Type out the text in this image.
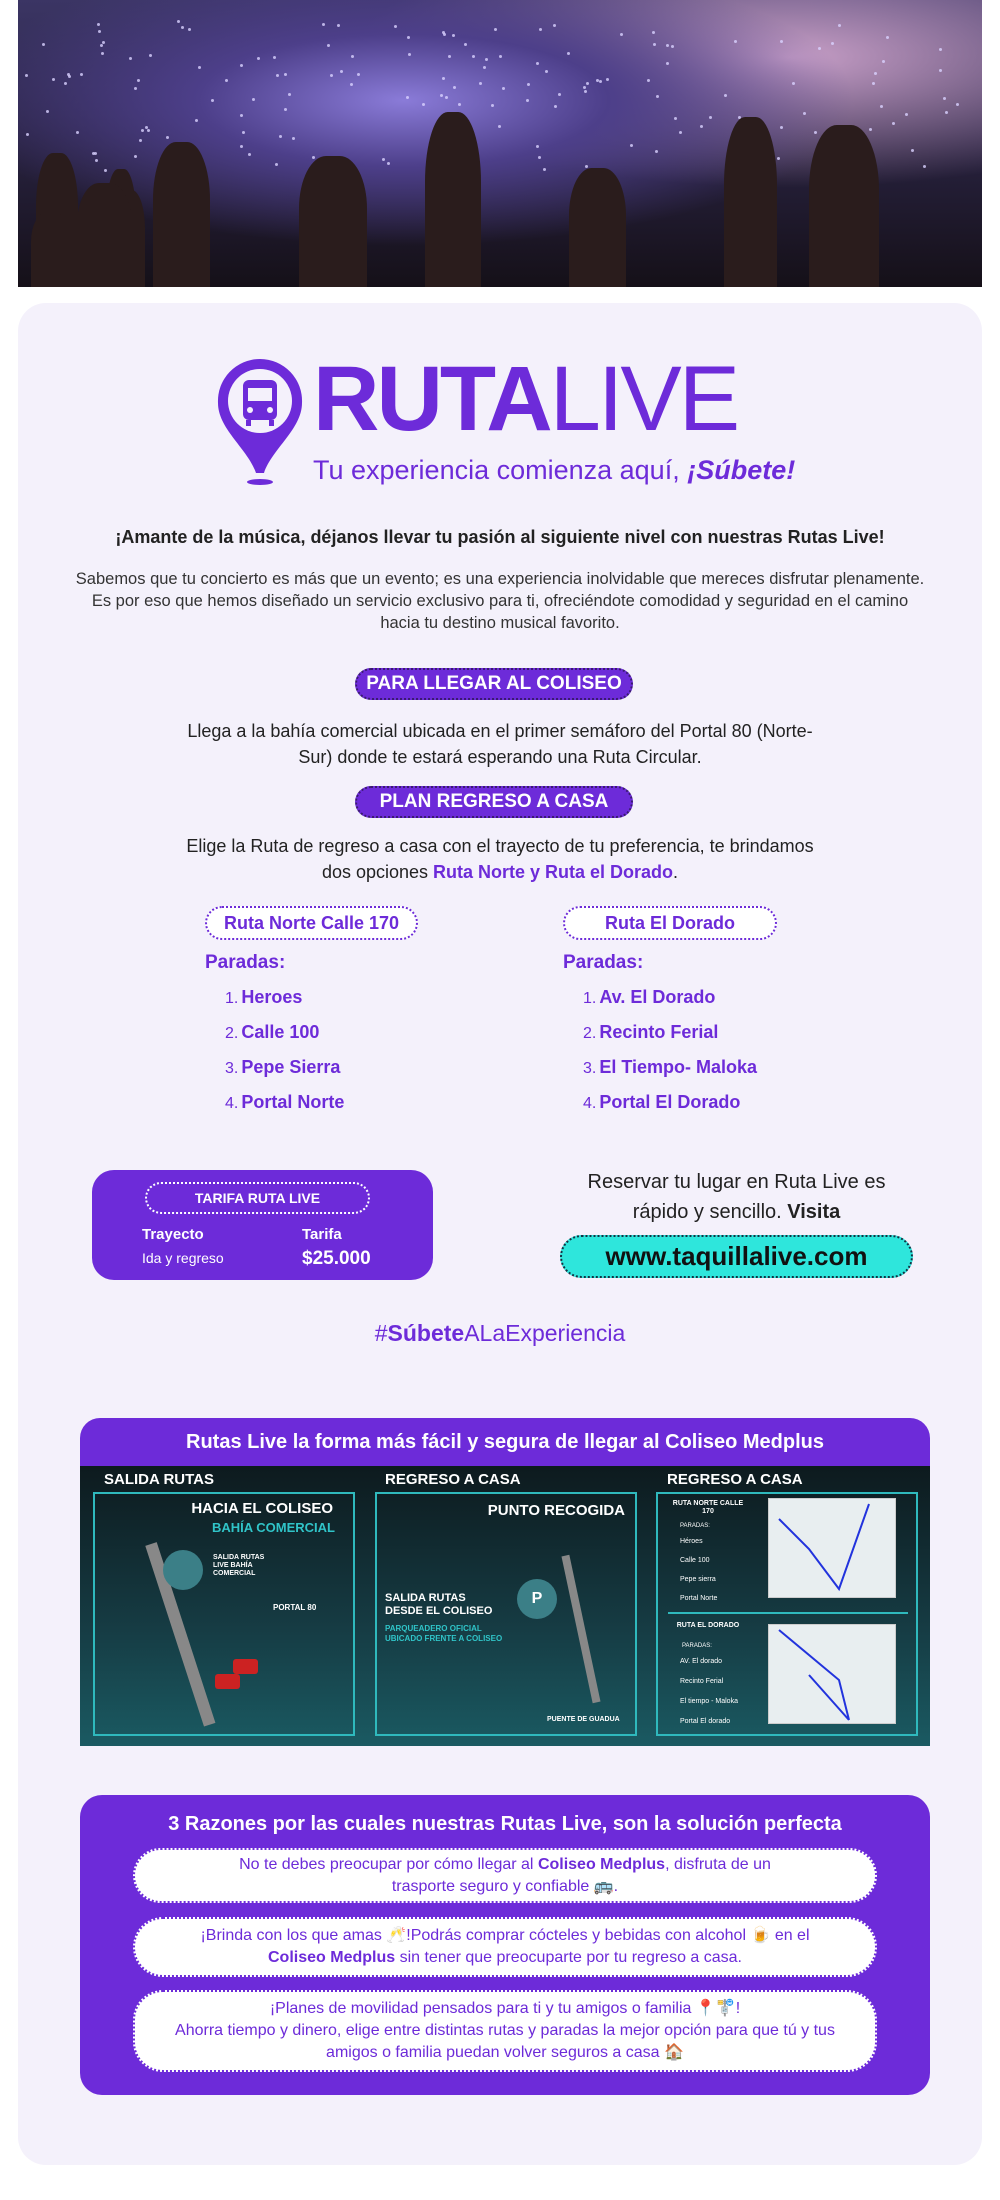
RUTALIVE
Tu experiencia comienza aquí, ¡Súbete!
¡Amante de la música, déjanos llevar tu pasión al siguiente nivel con nuestras Rutas Live!
Sabemos que tu concierto es más que un evento; es una experiencia inolvidable que mereces disfrutar plenamente. Es por eso que hemos diseñado un servicio exclusivo para ti, ofreciéndote comodidad y seguridad en el camino hacia tu destino musical favorito.
PARA LLEGAR AL COLISEO
Llega a la bahía comercial ubicada en el primer semáforo del Portal 80 (Norte-Sur) donde te estará esperando una Ruta Circular.
PLAN REGRESO A CASA
Elige la Ruta de regreso a casa con el trayecto de tu preferencia, te brindamos dos opciones Ruta Norte y Ruta el Dorado.
Ruta Norte Calle 170	Ruta El Dorado
Paradas:	Paradas:
1. Heroes
2. Calle 100
3. Pepe Sierra
4. Portal Norte
1. Av. El Dorado
2. Recinto Ferial
3. El Tiempo- Maloka
4. Portal El Dorado
TARIFA RUTA LIVE
Trayecto	Tarifa
Ida y regreso	$25.000
Reservar tu lugar en Ruta Live es rápido y sencillo. Visita
www.taquillalive.com
#SúbeteALaExperiencia
Rutas Live la forma más fácil y segura de llegar al Coliseo Medplus
SALIDA RUTAS
HACIA EL COLISEO
BAHÍA COMERCIAL
SALIDA RUTAS LIVE BAHÍA COMERCIAL
PORTAL 80
REGRESO A CASA
PUNTO RECOGIDA
SALIDA RUTAS DESDE EL COLISEO
PARQUEADERO OFICIAL UBICADO FRENTE A COLISEO
P
PUENTE DE GUADUA
REGRESO A CASA
RUTA NORTE CALLE 170
PARADAS:
Héroes
Calle 100
Pepe sierra
Portal Norte
RUTA EL DORADO
PARADAS:
AV. El dorado
Recinto Ferial
El tiempo - Maloka
Portal El dorado
3 Razones por las cuales nuestras Rutas Live, son la solución perfecta
No te debes preocupar por cómo llegar al Coliseo Medplus, disfruta de un trasporte seguro y confiable 🚌.
¡Brinda con los que amas 🥂!Podrás comprar cócteles y bebidas con alcohol 🍺 en el Coliseo Medplus sin tener que preocuparte por tu regreso a casa.
¡Planes de movilidad pensados para ti y tu amigos o familia 📍🚏!
Ahorra tiempo y dinero, elige entre distintas rutas y paradas la mejor opción para que tú y tus amigos o familia puedan volver seguros a casa 🏠
